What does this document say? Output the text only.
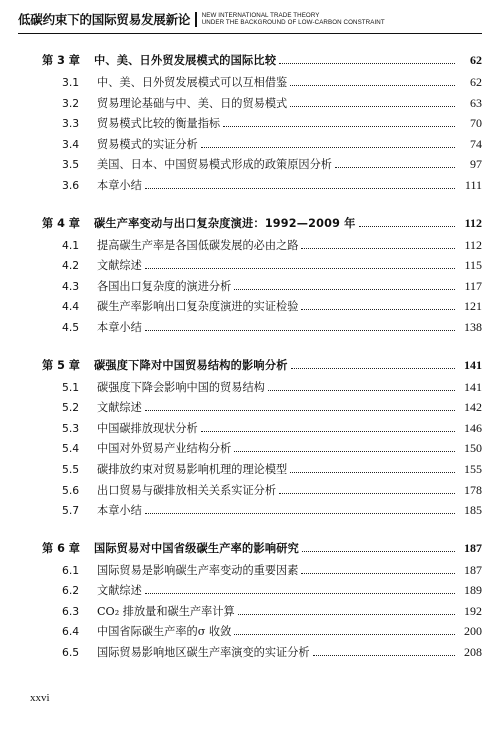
低碳约束下的国际贸易发展新论 NEW INTERNATIONAL TRADE THEORY
UNDER THE BACKGROUND OF LOW-CARBON CONSTRAINT
第 3 章	中、美、日外贸发展模式的国际比较	62
3.1	中、美、日外贸发展模式可以互相借鉴	62
3.2	贸易理论基础与中、美、日的贸易模式	63
3.3	贸易模式比较的衡量指标	70
3.4	贸易模式的实证分析	74
3.5	美国、日本、中国贸易模式形成的政策原因分析	97
3.6	本章小结	111
第 4 章	碳生产率变动与出口复杂度演进：1992—2009 年	112
4.1	提高碳生产率是各国低碳发展的必由之路	112
4.2	文献综述	115
4.3	各国出口复杂度的演进分析	117
4.4	碳生产率影响出口复杂度演进的实证检验	121
4.5	本章小结	138
第 5 章	碳强度下降对中国贸易结构的影响分析	141
5.1	碳强度下降会影响中国的贸易结构	141
5.2	文献综述	142
5.3	中国碳排放现状分析	146
5.4	中国对外贸易产业结构分析	150
5.5	碳排放约束对贸易影响机理的理论模型	155
5.6	出口贸易与碳排放相关关系实证分析	178
5.7	本章小结	185
第 6 章	国际贸易对中国省级碳生产率的影响研究	187
6.1	国际贸易是影响碳生产率变动的重要因素	187
6.2	文献综述	189
6.3	CO₂ 排放量和碳生产率计算	192
6.4	中国省际碳生产率的σ 收敛	200
6.5	国际贸易影响地区碳生产率演变的实证分析	208
xxvi
